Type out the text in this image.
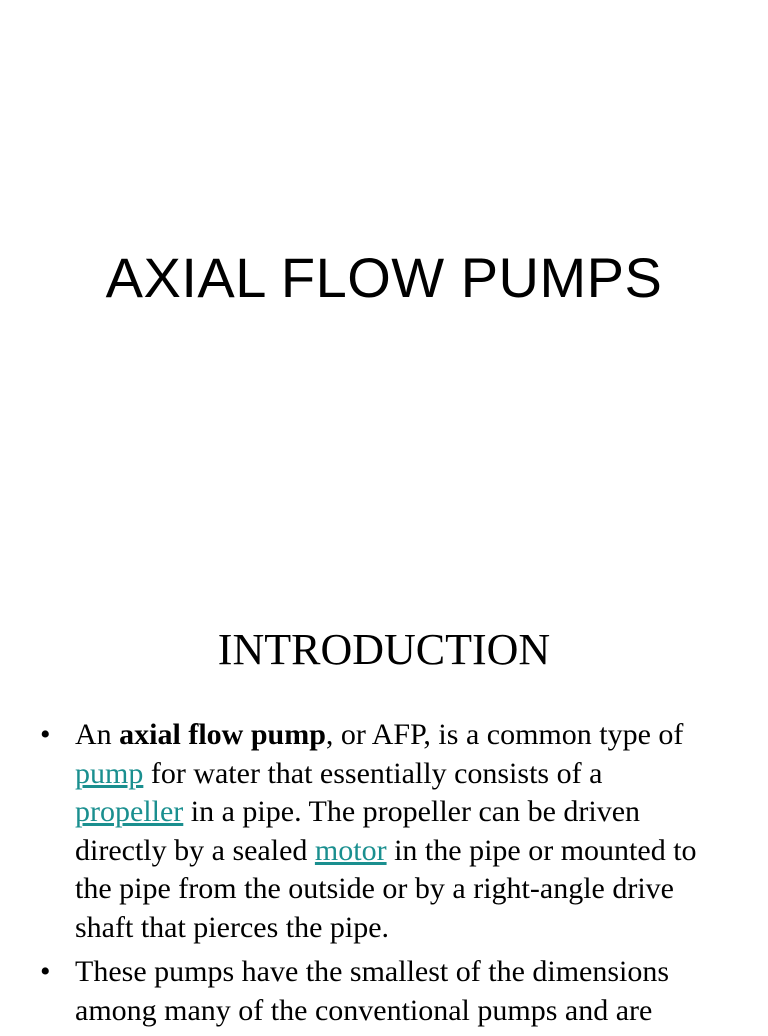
AXIAL FLOW PUMPS
INTRODUCTION
• An axial flow pump, or AFP, is a common type of pump for water that essentially consists of a propeller in a pipe. The propeller can be driven directly by a sealed motor in the pipe or mounted to the pipe from the outside or by a right-angle drive shaft that pierces the pipe.
• These pumps have the smallest of the dimensions among many of the conventional pumps and are
